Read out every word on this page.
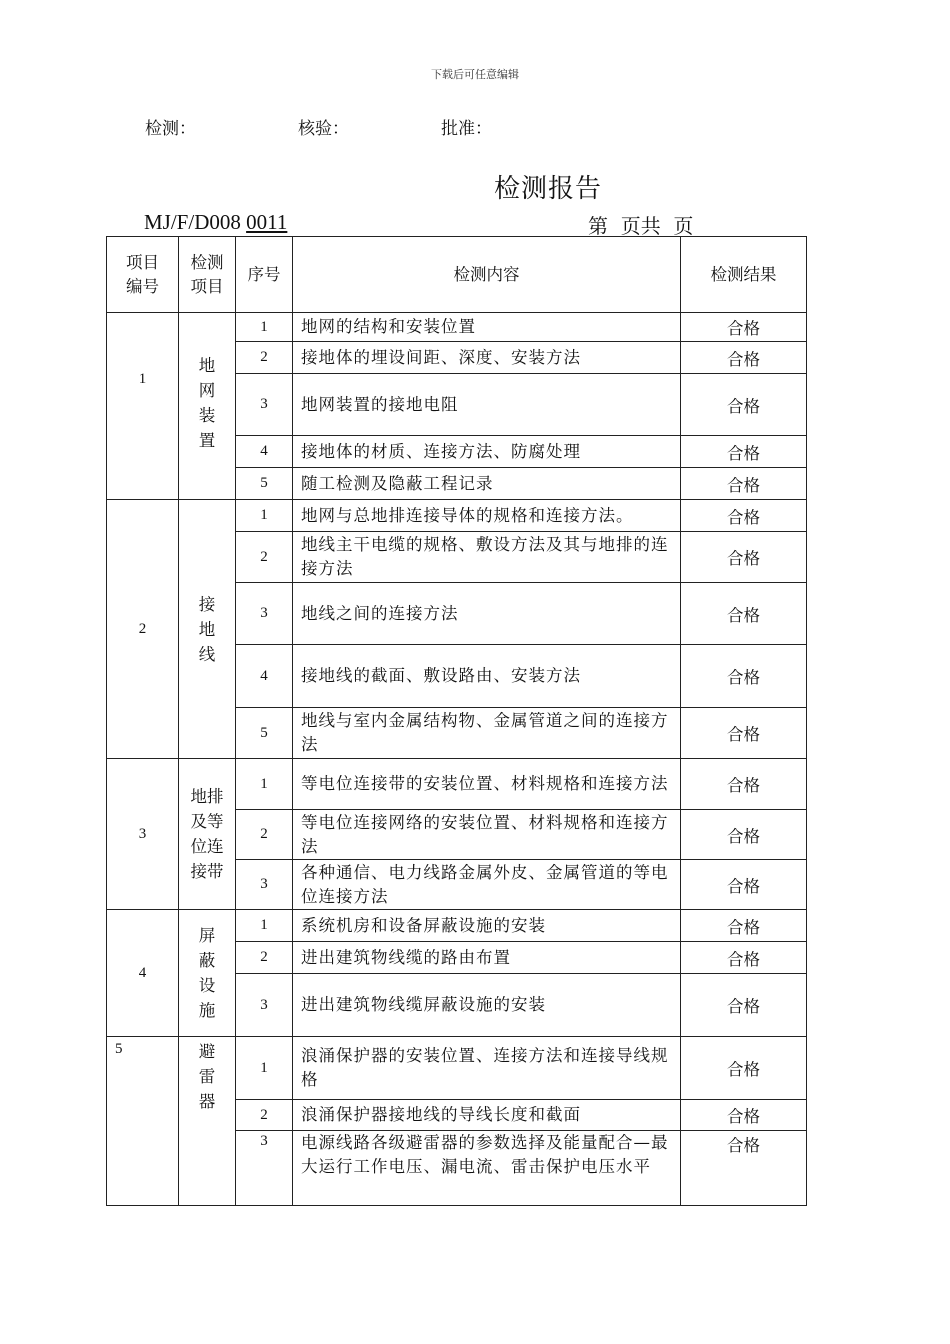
下载后可任意编辑
检测：	核验：	批准：
检测报告
MJ/F/D008 0011	第  页共  页
项目编号	检测项目	序号	检测内容	检测结果
1	地网装置	1	地网的结构和安装位置	合格
		2	接地体的埋设间距、深度、安装方法	合格
		3	地网装置的接地电阻	合格
		4	接地体的材质、连接方法、防腐处理	合格
		5	随工检测及隐蔽工程记录	合格
2	接地线	1	地网与总地排连接导体的规格和连接方法。	合格
		2	地线主干电缆的规格、敷设方法及其与地排的连接方法	合格
		3	地线之间的连接方法	合格
		4	接地线的截面、敷设路由、安装方法	合格
		5	地线与室内金属结构物、金属管道之间的连接方法	合格
3	地排及等位连接带	1	等电位连接带的安装位置、材料规格和连接方法	合格
		2	等电位连接网络的安装位置、材料规格和连接方法	合格
		3	各种通信、电力线路金属外皮、金属管道的等电位连接方法	合格
4	屏蔽设施	1	系统机房和设备屏蔽设施的安装	合格
		2	进出建筑物线缆的路由布置	合格
		3	进出建筑物线缆屏蔽设施的安装	合格
5	避雷器	1	浪涌保护器的安装位置、连接方法和连接导线规格	合格
		2	浪涌保护器接地线的导线长度和截面	合格
		3	电源线路各级避雷器的参数选择及能量配合—最大运行工作电压、漏电流、雷击保护电压水平	合格
